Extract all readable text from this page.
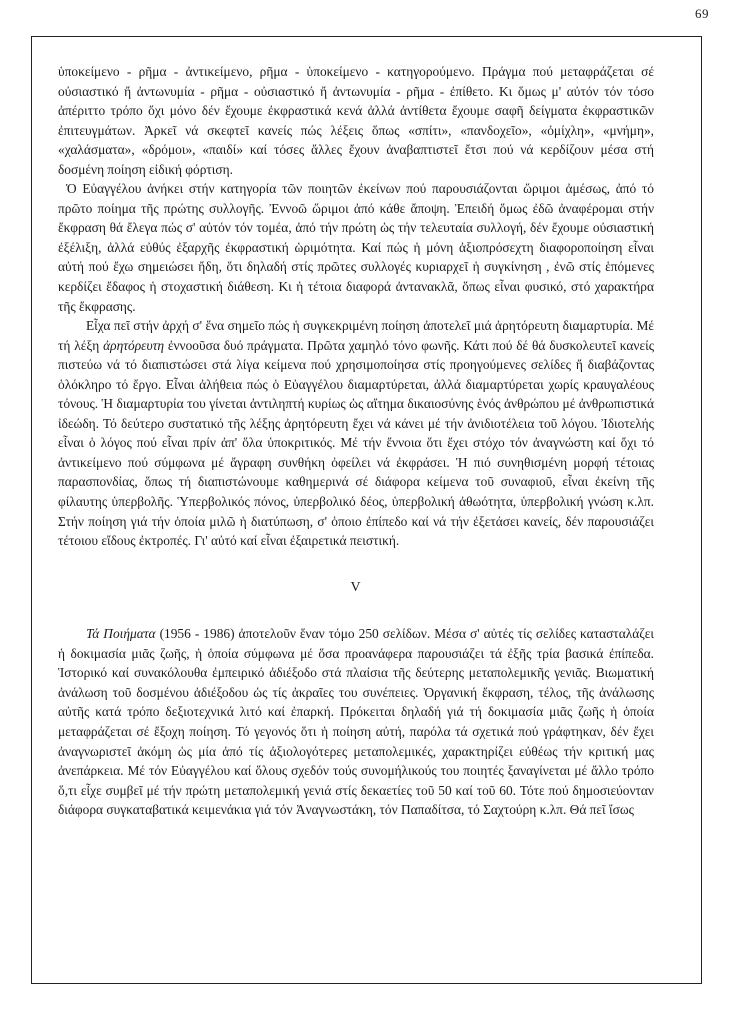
69

ὑποκείμενο - ρῆμα - ἀντικείμενο, ρῆμα - ὑποκείμενο - κατηγορούμενο. Πράγμα πού μεταφράζεται σέ οὐσιαστικό ἤ ἀντωνυμία - ρῆμα - οὐσιαστικό ἤ ἀντωνυμία - ρῆμα - ἐπίθετο. Κι ὅμως μ' αὐτόν τόν τόσο ἀπέριττο τρόπο ὄχι μόνο δέν ἔχουμε ἐκφραστικά κενά ἀλλά ἀντίθετα ἔχουμε σαφῆ δείγματα ἐκφραστικῶν ἐπιτευγμάτων. Ἀρκεῖ νά σκεφτεῖ κανείς πώς λέξεις ὅπως «σπίτι», «πανδοχεῖο», «ὀμίχλη», «μνήμη», «χαλάσματα», «δρόμοι», «παιδί» καί τόσες ἄλλες ἔχουν ἀναβαπτιστεῖ ἔτσι πού νά κερδίζουν μέσα στή δοσμένη ποίηση εἰδική φόρτιση.

Ὁ Εὐαγγέλου ἀνήκει στήν κατηγορία τῶν ποιητῶν ἐκείνων πού παρουσιάζονται ὥριμοι ἀμέσως, ἀπό τό πρῶτο ποίημα τῆς πρώτης συλλογῆς. Ἐννοῶ ὥριμοι ἀπό κάθε ἄποψη. Ἐπειδή ὅμως ἐδῶ ἀναφέρομαι στήν ἔκφραση θά ἔλεγα πώς σ' αὐτόν τόν τομέα, ἀπό τήν πρώτη ὡς τήν τελευταία συλλογή, δέν ἔχουμε οὐσιαστική ἐξέλιξη, ἀλλά εὐθύς ἐξαρχῆς ἐκφραστική ὡριμότητα. Καί πώς ἡ μόνη ἀξιοπρόσεχτη διαφοροποίηση εἶναι αὐτή πού ἔχω σημειώσει ἤδη, ὅτι δηλαδή στίς πρῶτες συλλογές κυριαρχεῖ ἡ συγκίνηση , ἐνῶ στίς ἑπόμενες κερδίζει ἔδαφος ἡ στοχαστική διάθεση. Κι ἡ τέτοια διαφορά ἀντανακλᾶ, ὅπως εἶναι φυσικό, στό χαρακτήρα τῆς ἔκφρασης.

Εἶχα πεῖ στήν ἀρχή σ' ἕνα σημεῖο πώς ἡ συγκεκριμένη ποίηση ἀποτελεῖ μιά ἀρητόρευτη διαμαρτυρία. Μέ τή λέξη ἀρητόρευτη ἐννοοῦσα δυό πράγματα. Πρῶτα χαμηλό τόνο φωνῆς. Κάτι πού δέ θά δυσκολευτεῖ κανείς πιστεύω νά τό διαπιστώσει στά λίγα κείμενα πού χρησιμοποίησα στίς προηγούμενες σελίδες ἤ διαβάζοντας ὁλόκληρο τό ἔργο. Εἶναι ἀλήθεια πώς ὁ Εὐαγγέλου διαμαρτύρεται, ἀλλά διαμαρτύρεται χωρίς κραυγαλέους τόνους. Ἡ διαμαρτυρία του γίνεται ἀντιληπτή κυρίως ὡς αἴτημα δικαιοσύνης ἑνός ἀνθρώπου μέ ἀνθρωπιστικά ἰδεώδη. Τό δεύτερο συστατικό τῆς λέξης ἀρητόρευτη ἔχει νά κάνει μέ τήν ἀνιδιοτέλεια τοῦ λόγου. Ἰδιοτελής εἶναι ὁ λόγος πού εἶναι πρίν ἀπ' ὅλα ὑποκριτικός. Μέ τήν ἔννοια ὅτι ἔχει στόχο τόν ἀναγνώστη καί ὄχι τό ἀντικείμενο πού σύμφωνα μέ ἄγραφη συνθήκη ὀφείλει νά ἐκφράσει. Ἡ πιό συνηθισμένη μορφή τέτοιας παρασπονδίας, ὅπως τή διαπιστώνουμε καθημερινά σέ διάφορα κείμενα τοῦ συναφιοῦ, εἶναι ἐκείνη τῆς φίλαυτης ὑπερβολῆς. Ὑπερβολικός πόνος, ὑπερβολικό δέος, ὑπερβολική ἀθωότητα, ὑπερβολική γνώση κ.λπ. Στήν ποίηση γιά τήν ὁποία μιλῶ ἡ διατύπωση, σ' ὁποιο ἐπίπεδο καί νά τήν ἐξετάσει κανείς, δέν παρουσιάζει τέτοιου εἴδους ἐκτροπές. Γι' αὐτό καί εἶναι ἐξαιρετικά πειστική.

V

Τά Ποιήματα (1956 - 1986) ἀποτελοῦν ἕναν τόμο 250 σελίδων. Μέσα σ' αὐτές τίς σελίδες κατασταλάζει ἡ δοκιμασία μιᾶς ζωῆς, ἡ ὁποία σύμφωνα μέ ὅσα προανάφερα παρουσιάζει τά ἐξῆς τρία βασικά ἐπίπεδα. Ἱστορικό καί συνακόλουθα ἐμπειρικό ἀδιέξοδο στά πλαίσια τῆς δεύτερης μεταπολεμικῆς γενιᾶς. Βιωματική ἀνάλωση τοῦ δοσμένου ἀδιέξοδου ὡς τίς ἀκραῖες του συνέπειες. Ὀργανική ἔκφραση, τέλος, τῆς ἀνάλωσης αὐτῆς κατά τρόπο δεξιοτεχνικά λιτό καί ἐπαρκή. Πρόκειται δηλαδή γιά τή δοκιμασία μιᾶς ζωῆς ἡ ὁποία μεταφράζεται σέ ἔξοχη ποίηση. Τό γεγονός ὅτι ἡ ποίηση αὐτή, παρόλα τά σχετικά πού γράφτηκαν, δέν ἔχει ἀναγνωριστεῖ ἀκόμη ὡς μία ἀπό τίς ἀξιολογότερες μεταπολεμικές, χαρακτηρίζει εὐθέως τήν κριτική μας ἀνεπάρκεια. Μέ τόν Εὐαγγέλου καί ὅλους σχεδόν τούς συνομήλικούς του ποιητές ξαναγίνεται μέ ἄλλο τρόπο ὅ,τι εἶχε συμβεῖ μέ τήν πρώτη μεταπολεμική γενιά στίς δεκαετίες τοῦ 50 καί τοῦ 60. Τότε πού δημοσιεύονταν διάφορα συγκαταβατικά κειμενάκια γιά τόν Ἀναγνωστάκη, τόν Παπαδίτσα, τό Σαχτούρη κ.λπ. Θά πεῖ ἴσως
